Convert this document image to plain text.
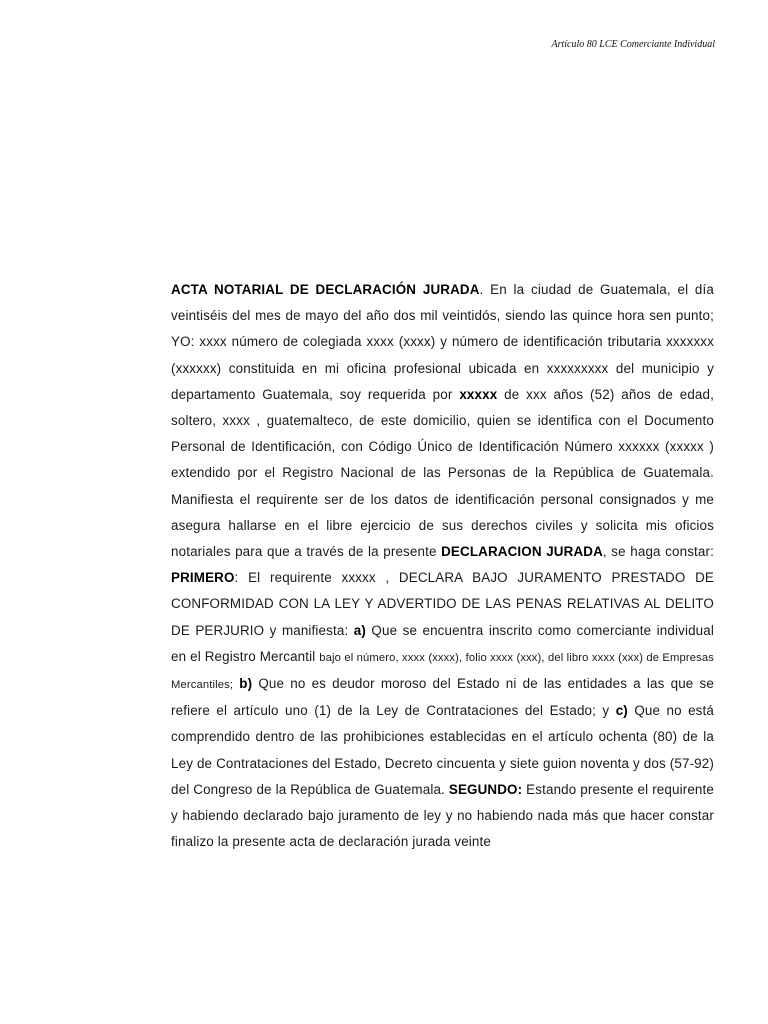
Artículo 80 LCE Comerciante Individual
ACTA NOTARIAL DE DECLARACIÓN JURADA. En la ciudad de Guatemala, el día veintiséis del mes de mayo del año dos mil veintidós, siendo las quince hora sen punto; YO: xxxx número de colegiada xxxx (xxxx) y número de identificación tributaria xxxxxxx (xxxxxx) constituida en mi oficina profesional ubicada en xxxxxxxxx del municipio y departamento Guatemala, soy requerida por xxxxx de xxx años (52) años de edad, soltero, xxxx , guatemalteco, de este domicilio, quien se identifica con el Documento Personal de Identificación, con Código Único de Identificación Número xxxxxx (xxxxx ) extendido por el Registro Nacional de las Personas de la República de Guatemala. Manifiesta el requirente ser de los datos de identificación personal consignados y me asegura hallarse en el libre ejercicio de sus derechos civiles y solicita mis oficios notariales para que a través de la presente DECLARACION JURADA, se haga constar: PRIMERO: El requirente xxxxx , DECLARA BAJO JURAMENTO PRESTADO DE CONFORMIDAD CON LA LEY Y ADVERTIDO DE LAS PENAS RELATIVAS AL DELITO DE PERJURIO y manifiesta: a) Que se encuentra inscrito como comerciante individual en el Registro Mercantil bajo el número, xxxx (xxxx), folio xxxx (xxx), del libro xxxx (xxx) de Empresas Mercantiles; b) Que no es deudor moroso del Estado ni de las entidades a las que se refiere el artículo uno (1) de la Ley de Contrataciones del Estado; y c) Que no está comprendido dentro de las prohibiciones establecidas en el artículo ochenta (80) de la Ley de Contrataciones del Estado, Decreto cincuenta y siete guion noventa y dos (57-92) del Congreso de la República de Guatemala. SEGUNDO: Estando presente el requirente y habiendo declarado bajo juramento de ley y no habiendo nada más que hacer constar finalizo la presente acta de declaración jurada veinte
